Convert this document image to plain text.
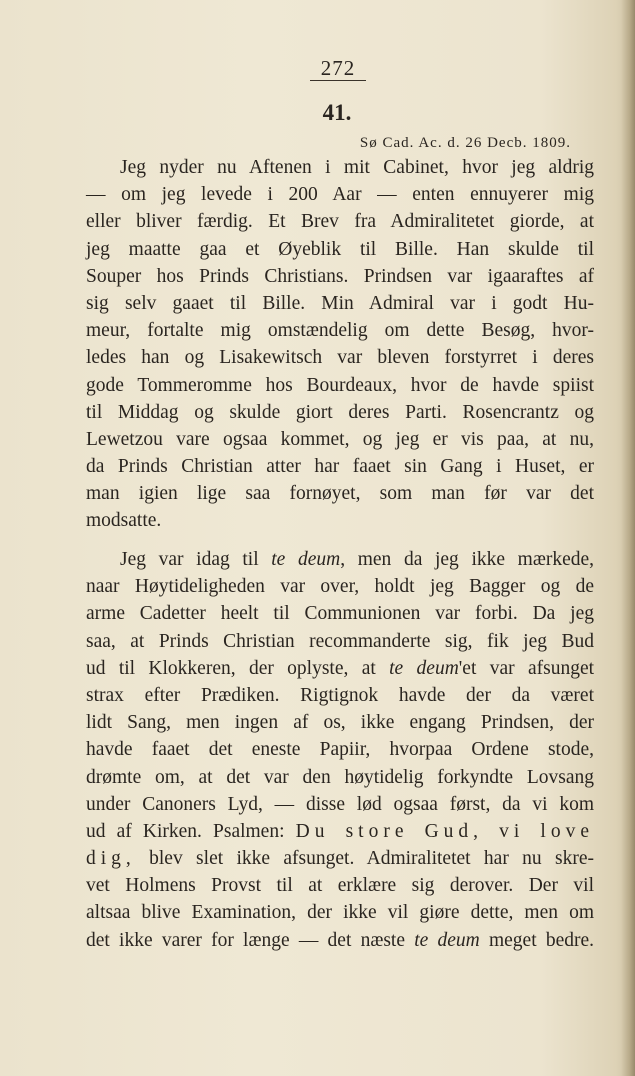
272
41.
Sø Cad. Ac. d. 26 Decb. 1809.
Jeg nyder nu Aftenen i mit Cabinet, hvor jeg aldrig
— om jeg levede i 200 Aar — enten ennuyerer mig
eller bliver færdig. Et Brev fra Admiralitetet giorde, at
jeg maatte gaa et Øyeblik til Bille. Han skulde til
Souper hos Prinds Christians. Prindsen var igaaraftes af
sig selv gaaet til Bille. Min Admiral var i godt Hu-
meur, fortalte mig omstændelig om dette Besøg, hvor-
ledes han og Lisakewitsch var bleven forstyrret i deres
gode Tommeromme hos Bourdeaux, hvor de havde spiist
til Middag og skulde giort deres Parti. Rosencrantz og
Lewetzou vare ogsaa kommet, og jeg er vis paa, at nu,
da Prinds Christian atter har faaet sin Gang i Huset, er
man igien lige saa fornøyet, som man før var det
modsatte.
Jeg var idag til te deum, men da jeg ikke mærkede,
naar Høytideligheden var over, holdt jeg Bagger og de
arme Cadetter heelt til Communionen var forbi. Da jeg
saa, at Prinds Christian recommanderte sig, fik jeg Bud
ud til Klokkeren, der oplyste, at te deum'et var afsunget
strax efter Prædiken. Rigtignok havde der da været
lidt Sang, men ingen af os, ikke engang Prindsen, der
havde faaet det eneste Papiir, hvorpaa Ordene stode,
drømte om, at det var den høytidelig forkyndte Lovsang
under Canoners Lyd, — disse lød ogsaa først, da vi kom
ud af Kirken. Psalmen: Du store Gud, vi love
dig, blev slet ikke afsunget. Admiralitetet har nu skre-
vet Holmens Provst til at erklære sig derover. Der vil
altsaa blive Examination, der ikke vil giøre dette, men om
det ikke varer for længe — det næste te deum meget bedre.
